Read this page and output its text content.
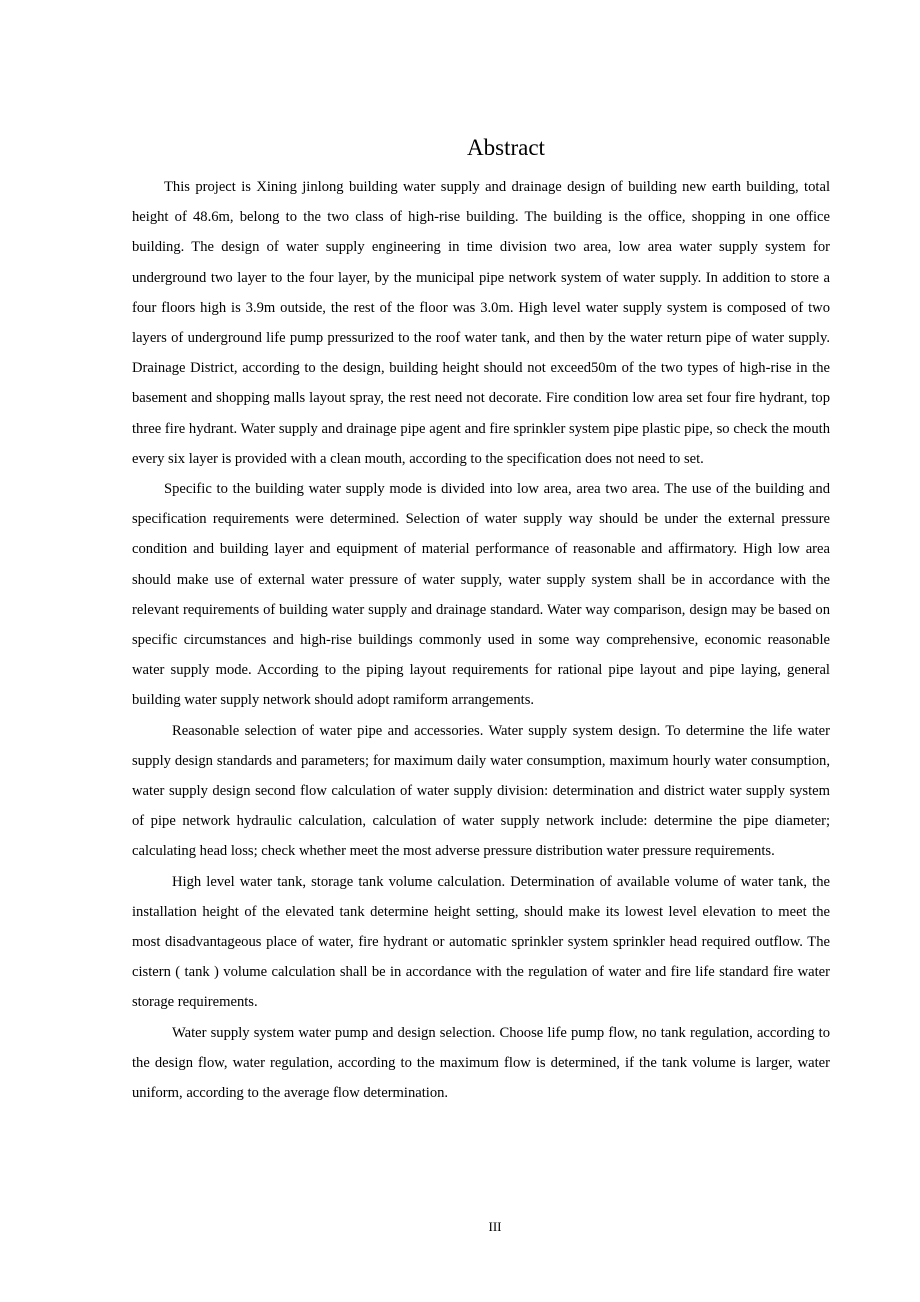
Abstract

This project is Xining jinlong building water supply and drainage design of building new earth building, total height of 48.6m, belong to the two class of high-rise building. The building is the office, shopping in one office building. The design of water supply engineering in time division two area, low area water supply system for underground two layer to the four layer, by the municipal pipe network system of water supply. In addition to store a four floors high is 3.9m outside, the rest of the floor was 3.0m. High level water supply system is composed of two layers of underground life pump pressurized to the roof water tank, and then by the water return pipe of water supply. Drainage District, according to the design, building height should not exceed50m of the two types of high-rise in the basement and shopping malls layout spray, the rest need not decorate. Fire condition low area set four fire hydrant, top three fire hydrant. Water supply and drainage pipe agent and fire sprinkler system pipe plastic pipe, so check the mouth every six layer is provided with a clean mouth, according to the specification does not need to set.

Specific to the building water supply mode is divided into low area, area two area. The use of the building and specification requirements were determined. Selection of water supply way should be under the external pressure condition and building layer and equipment of material performance of reasonable and affirmatory. High low area should make use of external water pressure of water supply, water supply system shall be in accordance with the relevant requirements of building water supply and drainage standard. Water way comparison, design may be based on specific circumstances and high-rise buildings commonly used in some way comprehensive, economic reasonable water supply mode. According to the piping layout requirements for rational pipe layout and pipe laying, general building water supply network should adopt ramiform arrangements.

Reasonable selection of water pipe and accessories. Water supply system design. To determine the life water supply design standards and parameters; for maximum daily water consumption, maximum hourly water consumption, water supply design second flow calculation of water supply division: determination and district water supply system of pipe network hydraulic calculation, calculation of water supply network include: determine the pipe diameter; calculating head loss; check whether meet the most adverse pressure distribution water pressure requirements.

High level water tank, storage tank volume calculation. Determination of available volume of water tank, the installation height of the elevated tank determine height setting, should make its lowest level elevation to meet the most disadvantageous place of water, fire hydrant or automatic sprinkler system sprinkler head required outflow. The cistern ( tank ) volume calculation shall be in accordance with the regulation of water and fire life standard fire water storage requirements.

Water supply system water pump and design selection. Choose life pump flow, no tank regulation, according to the design flow, water regulation, according to the maximum flow is determined, if the tank volume is larger, water uniform, according to the average flow determination.

III
